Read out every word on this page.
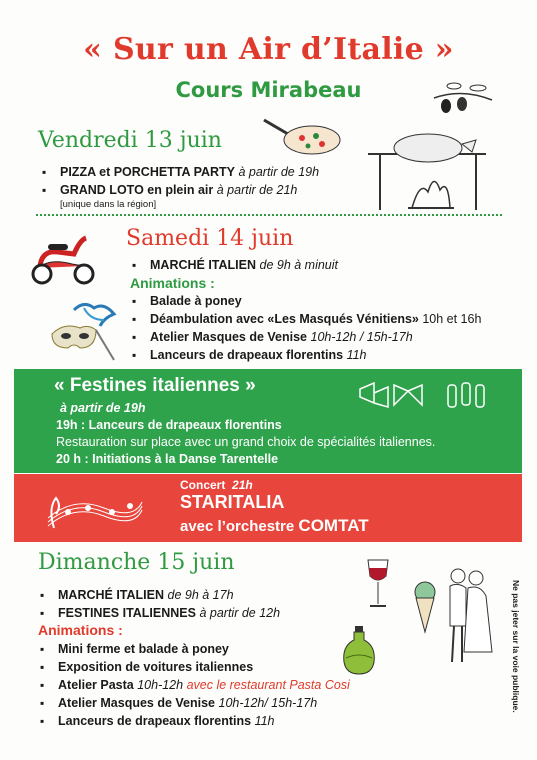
« Sur un Air d’Italie »
Cours Mirabeau
Vendredi 13 juin
▪ PIZZA et PORCHETTA PARTY à partir de 19h
▪ GRAND LOTO en plein air à partir de 21h
[unique dans la région]
Samedi 14 juin
▪ MARCHÉ ITALIEN de 9h à minuit
Animations :
▪ Balade à poney
▪ Déambulation avec «Les Masqués Vénitiens» 10h et 16h
▪ Atelier Masques de Venise 10h-12h / 15h-17h
▪ Lanceurs de drapeaux florentins 11h
« Festines italiennes »
à partir de 19h
19h : Lanceurs de drapeaux florentins
Restauration sur place avec un grand choix de spécialités italiennes.
20 h : Initiations à la Danse Tarentelle
Concert 21h
STARITALIA
avec l’orchestre COMTAT
Dimanche 15 juin
▪ MARCHÉ ITALIEN de 9h à 17h
▪ FESTINES ITALIENNES à partir de 12h
Animations :
▪ Mini ferme et balade à poney
▪ Exposition de voitures italiennes
▪ Atelier Pasta 10h-12h avec le restaurant Pasta Cosi
▪ Atelier Masques de Venise 10h-12h/ 15h-17h
▪ Lanceurs de drapeaux florentins 11h
Ne pas jeter sur la voie publique.
